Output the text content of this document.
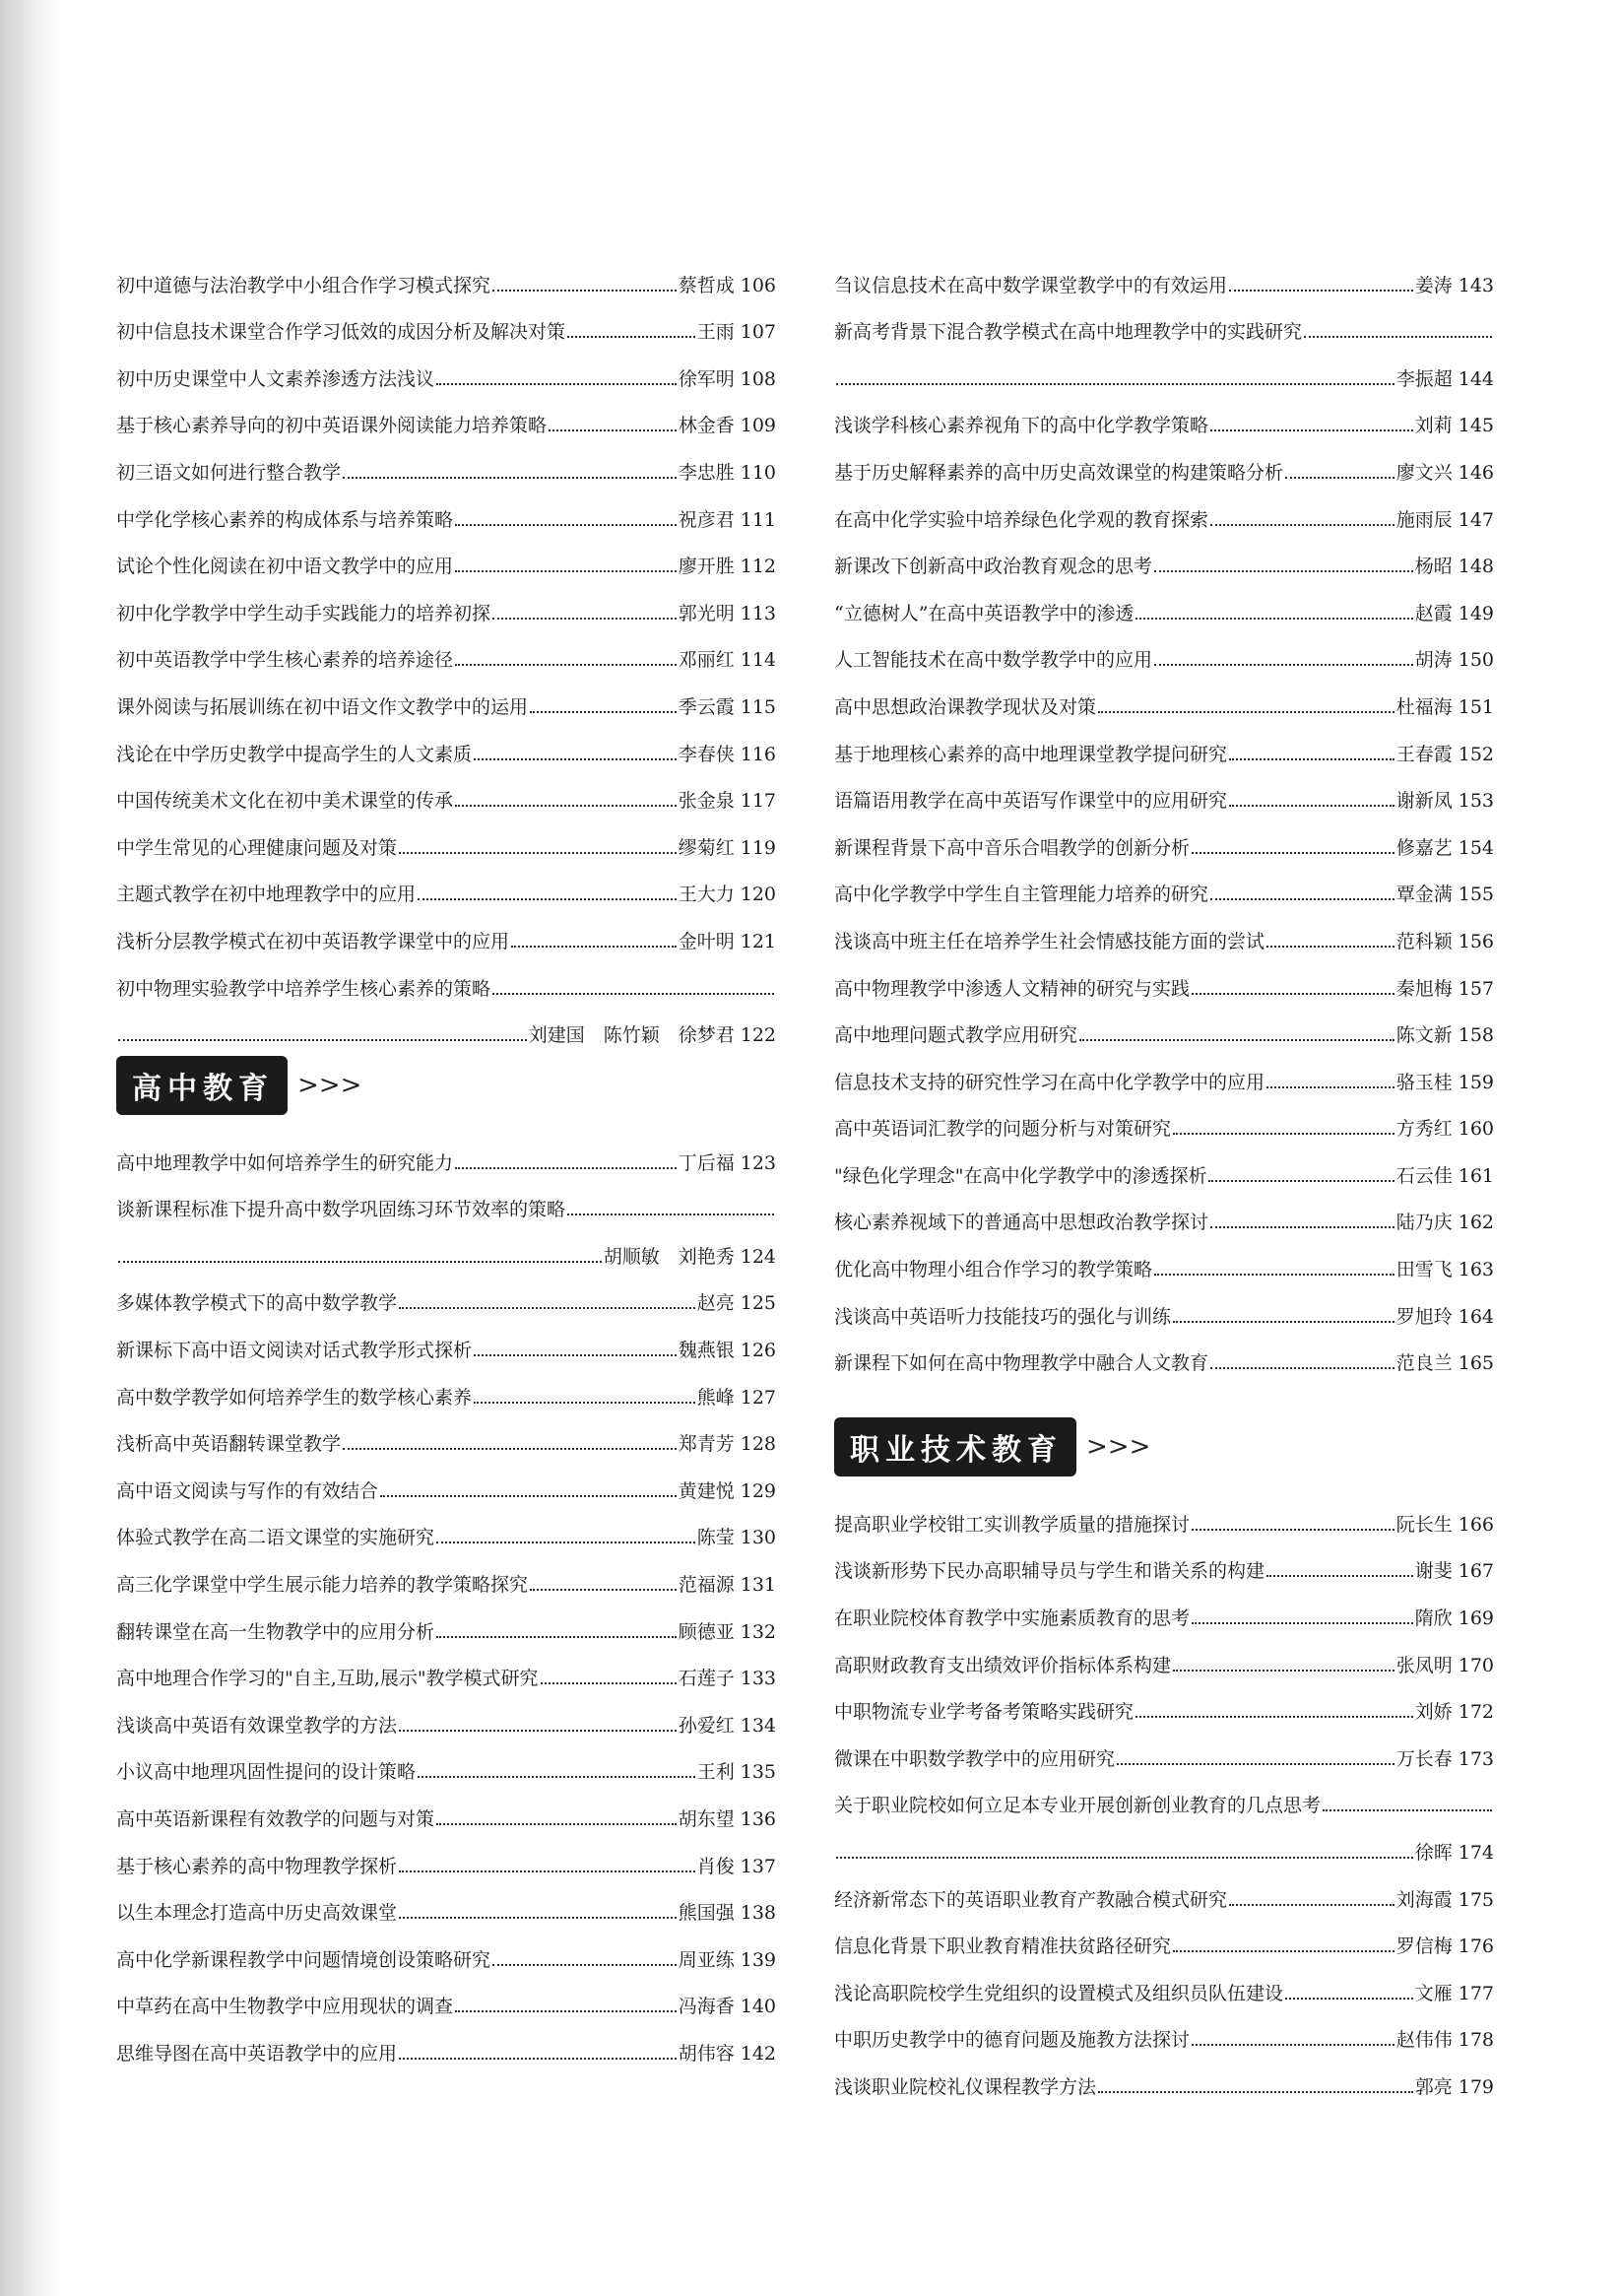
初中道德与法治教学中小组合作学习模式探究	蔡哲成 106
初中信息技术课堂合作学习低效的成因分析及解决对策	王雨 107
初中历史课堂中人文素养渗透方法浅议	徐军明 108
基于核心素养导向的初中英语课外阅读能力培养策略	林金香 109
初三语文如何进行整合教学	李忠胜 110
中学化学核心素养的构成体系与培养策略	祝彦君 111
试论个性化阅读在初中语文教学中的应用	廖开胜 112
初中化学教学中学生动手实践能力的培养初探	郭光明 113
初中英语教学中学生核心素养的培养途径	邓丽红 114
课外阅读与拓展训练在初中语文作文教学中的运用	季云霞 115
浅论在中学历史教学中提高学生的人文素质	李春侠 116
中国传统美术文化在初中美术课堂的传承	张金泉 117
中学生常见的心理健康问题及对策	缪菊红 119
主题式教学在初中地理教学中的应用	王大力 120
浅析分层教学模式在初中英语教学课堂中的应用	金叶明 121
初中物理实验教学中培养学生核心素养的策略
刘建国　陈竹颖　徐梦君 122
高中教育 >>>
高中地理教学中如何培养学生的研究能力	丁后福 123
谈新课程标准下提升高中数学巩固练习环节效率的策略
胡顺敏　刘艳秀 124
多媒体教学模式下的高中数学教学	赵亮 125
新课标下高中语文阅读对话式教学形式探析	魏燕银 126
高中数学教学如何培养学生的数学核心素养	熊峰 127
浅析高中英语翻转课堂教学	郑青芳 128
高中语文阅读与写作的有效结合	黄建悦 129
体验式教学在高二语文课堂的实施研究	陈莹 130
高三化学课堂中学生展示能力培养的教学策略探究	范福源 131
翻转课堂在高一生物教学中的应用分析	顾德亚 132
高中地理合作学习的"自主,互助,展示"教学模式研究	石莲子 133
浅谈高中英语有效课堂教学的方法	孙爱红 134
小议高中地理巩固性提问的设计策略	王利 135
高中英语新课程有效教学的问题与对策	胡东望 136
基于核心素养的高中物理教学探析	肖俊 137
以生本理念打造高中历史高效课堂	熊国强 138
高中化学新课程教学中问题情境创设策略研究	周亚练 139
中草药在高中生物教学中应用现状的调查	冯海香 140
思维导图在高中英语教学中的应用	胡伟容 142
刍议信息技术在高中数学课堂教学中的有效运用	姜涛 143
新高考背景下混合教学模式在高中地理教学中的实践研究
李振超 144
浅谈学科核心素养视角下的高中化学教学策略	刘莉 145
基于历史解释素养的高中历史高效课堂的构建策略分析	廖文兴 146
在高中化学实验中培养绿色化学观的教育探索	施雨辰 147
新课改下创新高中政治教育观念的思考	杨昭 148
“立德树人”在高中英语教学中的渗透	赵霞 149
人工智能技术在高中数学教学中的应用	胡涛 150
高中思想政治课教学现状及对策	杜福海 151
基于地理核心素养的高中地理课堂教学提问研究	王春霞 152
语篇语用教学在高中英语写作课堂中的应用研究	谢新凤 153
新课程背景下高中音乐合唱教学的创新分析	修嘉艺 154
高中化学教学中学生自主管理能力培养的研究	覃金满 155
浅谈高中班主任在培养学生社会情感技能方面的尝试	范科颖 156
高中物理教学中渗透人文精神的研究与实践	秦旭梅 157
高中地理问题式教学应用研究	陈文新 158
信息技术支持的研究性学习在高中化学教学中的应用	骆玉桂 159
高中英语词汇教学的问题分析与对策研究	方秀红 160
"绿色化学理念"在高中化学教学中的渗透探析	石云佳 161
核心素养视域下的普通高中思想政治教学探讨	陆乃庆 162
优化高中物理小组合作学习的教学策略	田雪飞 163
浅谈高中英语听力技能技巧的强化与训练	罗旭玲 164
新课程下如何在高中物理教学中融合人文教育	范良兰 165
职业技术教育 >>>
提高职业学校钳工实训教学质量的措施探讨	阮长生 166
浅谈新形势下民办高职辅导员与学生和谐关系的构建	谢斐 167
在职业院校体育教学中实施素质教育的思考	隋欣 169
高职财政教育支出绩效评价指标体系构建	张凤明 170
中职物流专业学考备考策略实践研究	刘娇 172
微课在中职数学教学中的应用研究	万长春 173
关于职业院校如何立足本专业开展创新创业教育的几点思考
徐晖 174
经济新常态下的英语职业教育产教融合模式研究	刘海霞 175
信息化背景下职业教育精准扶贫路径研究	罗信梅 176
浅论高职院校学生党组织的设置模式及组织员队伍建设	文雁 177
中职历史教学中的德育问题及施教方法探讨	赵伟伟 178
浅谈职业院校礼仪课程教学方法	郭亮 179
